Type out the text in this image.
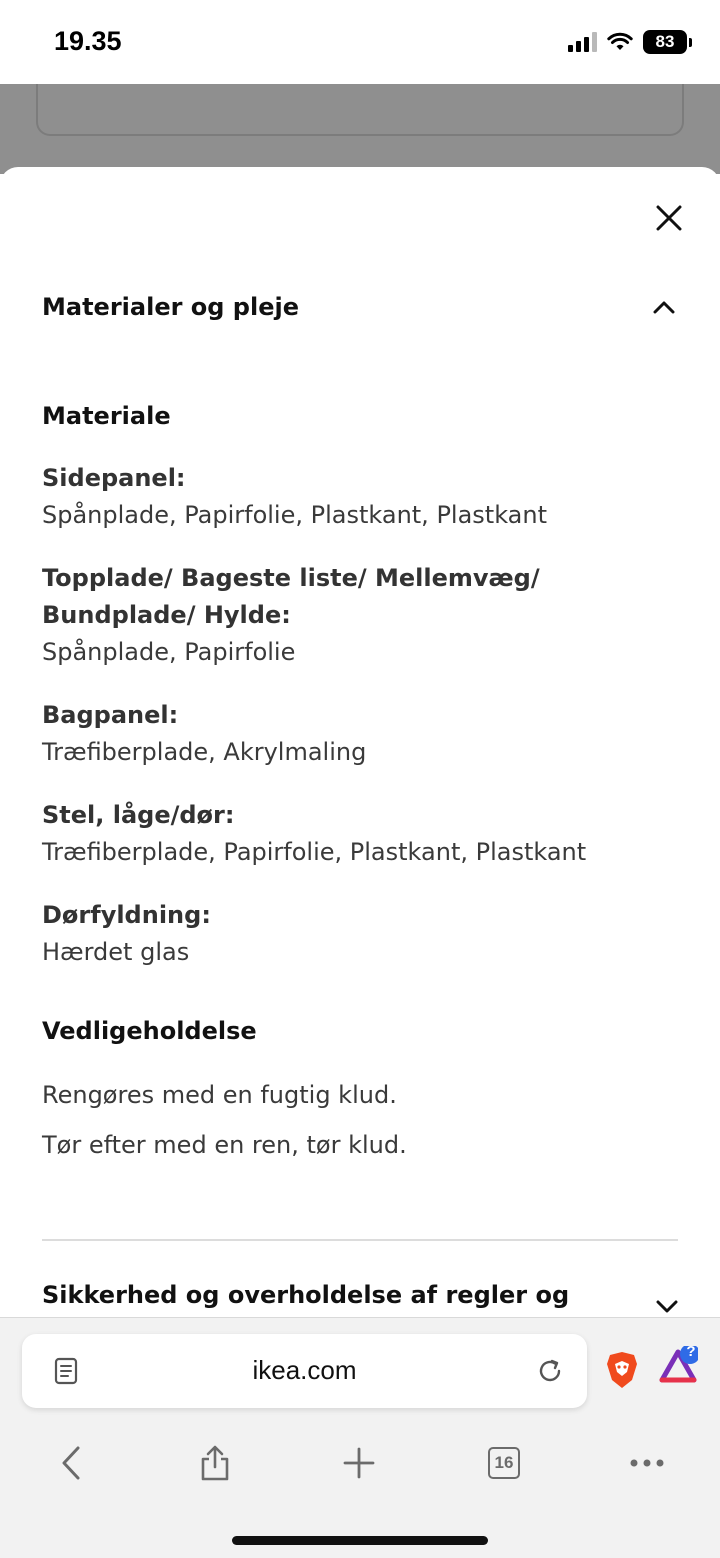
19.35	83
Materialer og pleje
Materiale
Sidepanel:
Spånplade, Papirfolie, Plastkant, Plastkant
Topplade/ Bageste liste/ Mellemvæg/ Bundplade/ Hylde:
Spånplade, Papirfolie
Bagpanel:
Træfiberplade, Akrylmaling
Stel, låge/dør:
Træfiberplade, Papirfolie, Plastkant, Plastkant
Dørfyldning:
Hærdet glas
Vedligeholdelse
Rengøres med en fugtig klud.
Tør efter med en ren, tør klud.
Sikkerhed og overholdelse af regler og
ikea.com
?
16
